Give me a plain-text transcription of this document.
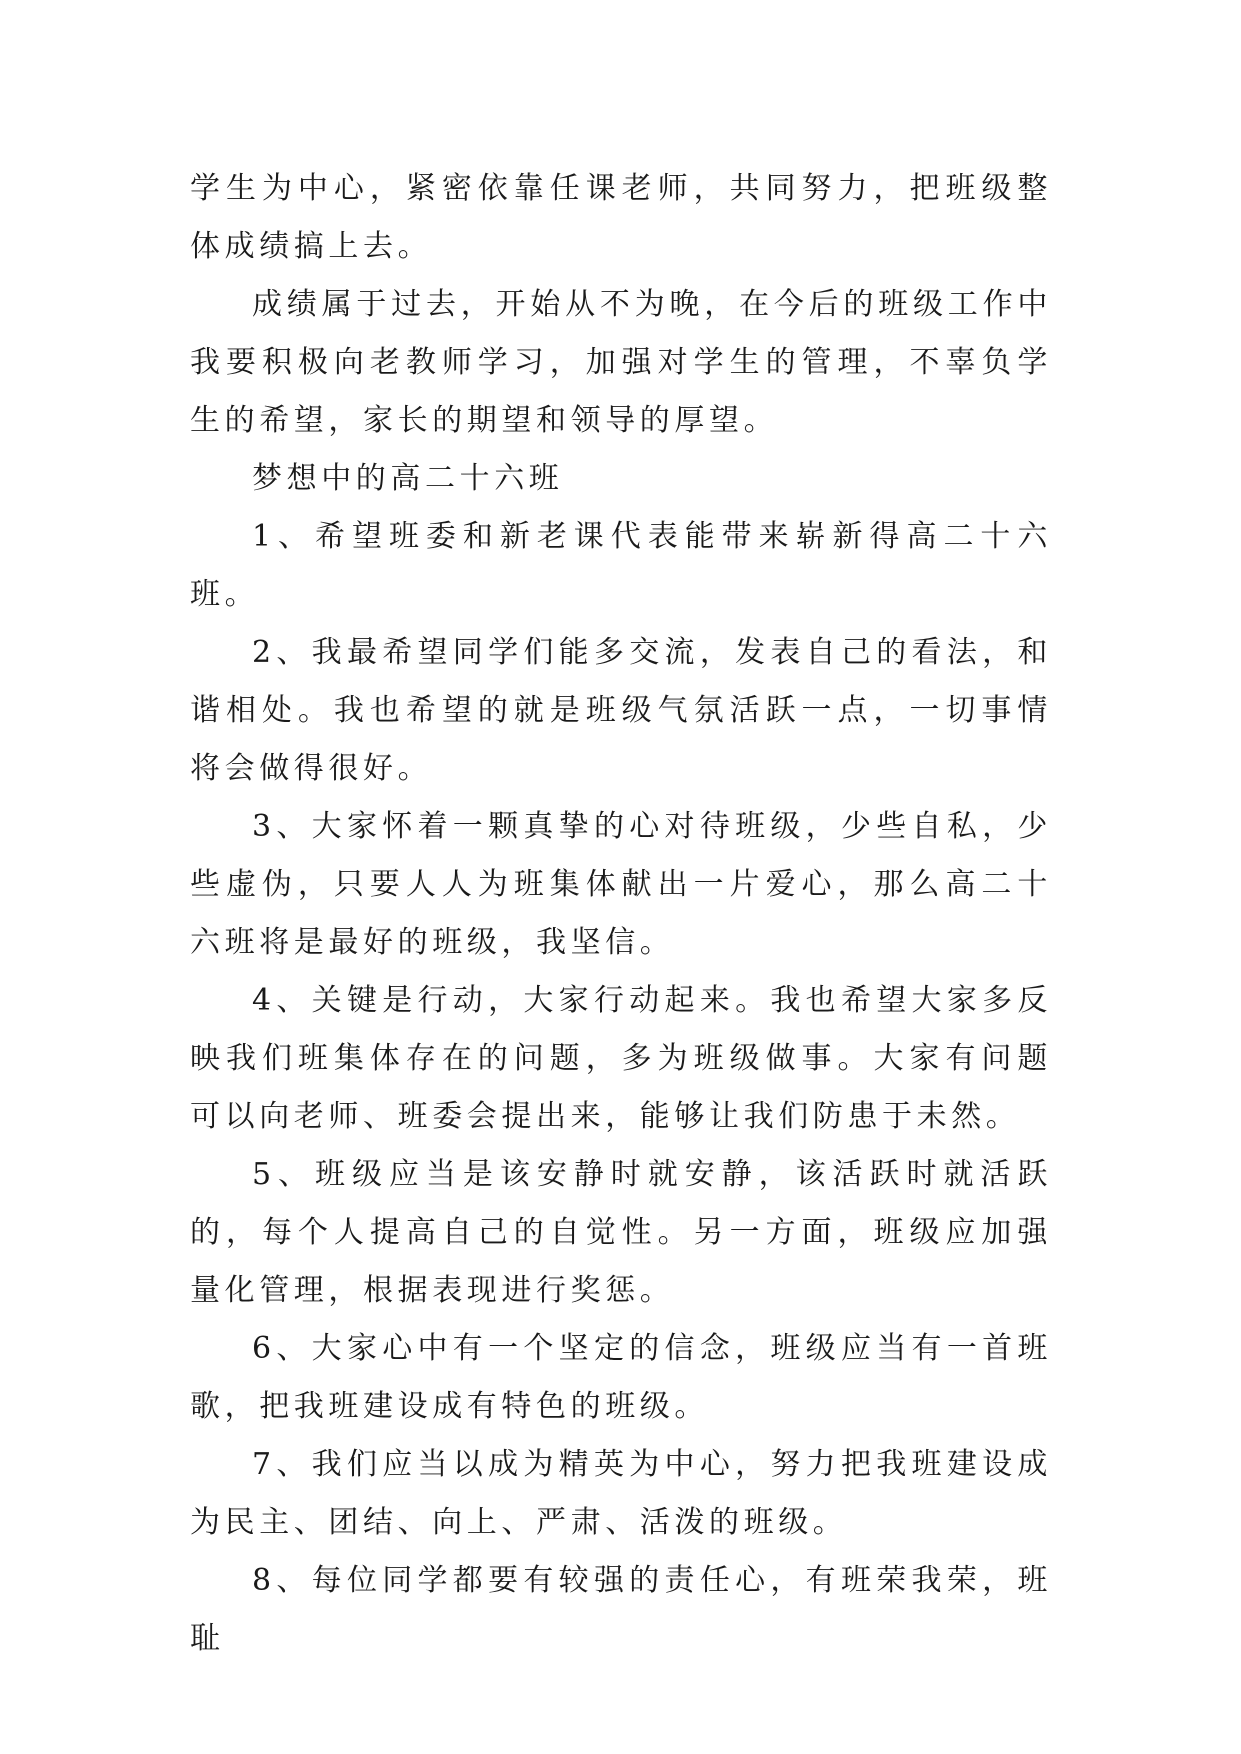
学生为中心，紧密依靠任课老师，共同努力，把班级整体成绩搞上去。

成绩属于过去，开始从不为晚，在今后的班级工作中我要积极向老教师学习，加强对学生的管理，不辜负学生的希望，家长的期望和领导的厚望。

梦想中的高二十六班

1、希望班委和新老课代表能带来崭新得高二十六班。

2、我最希望同学们能多交流，发表自己的看法，和谐相处。我也希望的就是班级气氛活跃一点，一切事情将会做得很好。

3、大家怀着一颗真挚的心对待班级，少些自私，少些虚伪，只要人人为班集体献出一片爱心，那么高二十六班将是最好的班级，我坚信。

4、关键是行动，大家行动起来。我也希望大家多反映我们班集体存在的问题，多为班级做事。大家有问题可以向老师、班委会提出来，能够让我们防患于未然。

5、班级应当是该安静时就安静，该活跃时就活跃的，每个人提高自己的自觉性。另一方面，班级应加强量化管理，根据表现进行奖惩。

6、大家心中有一个坚定的信念，班级应当有一首班歌，把我班建设成有特色的班级。

7、我们应当以成为精英为中心，努力把我班建设成为民主、团结、向上、严肃、活泼的班级。

8、每位同学都要有较强的责任心，有班荣我荣，班耻
